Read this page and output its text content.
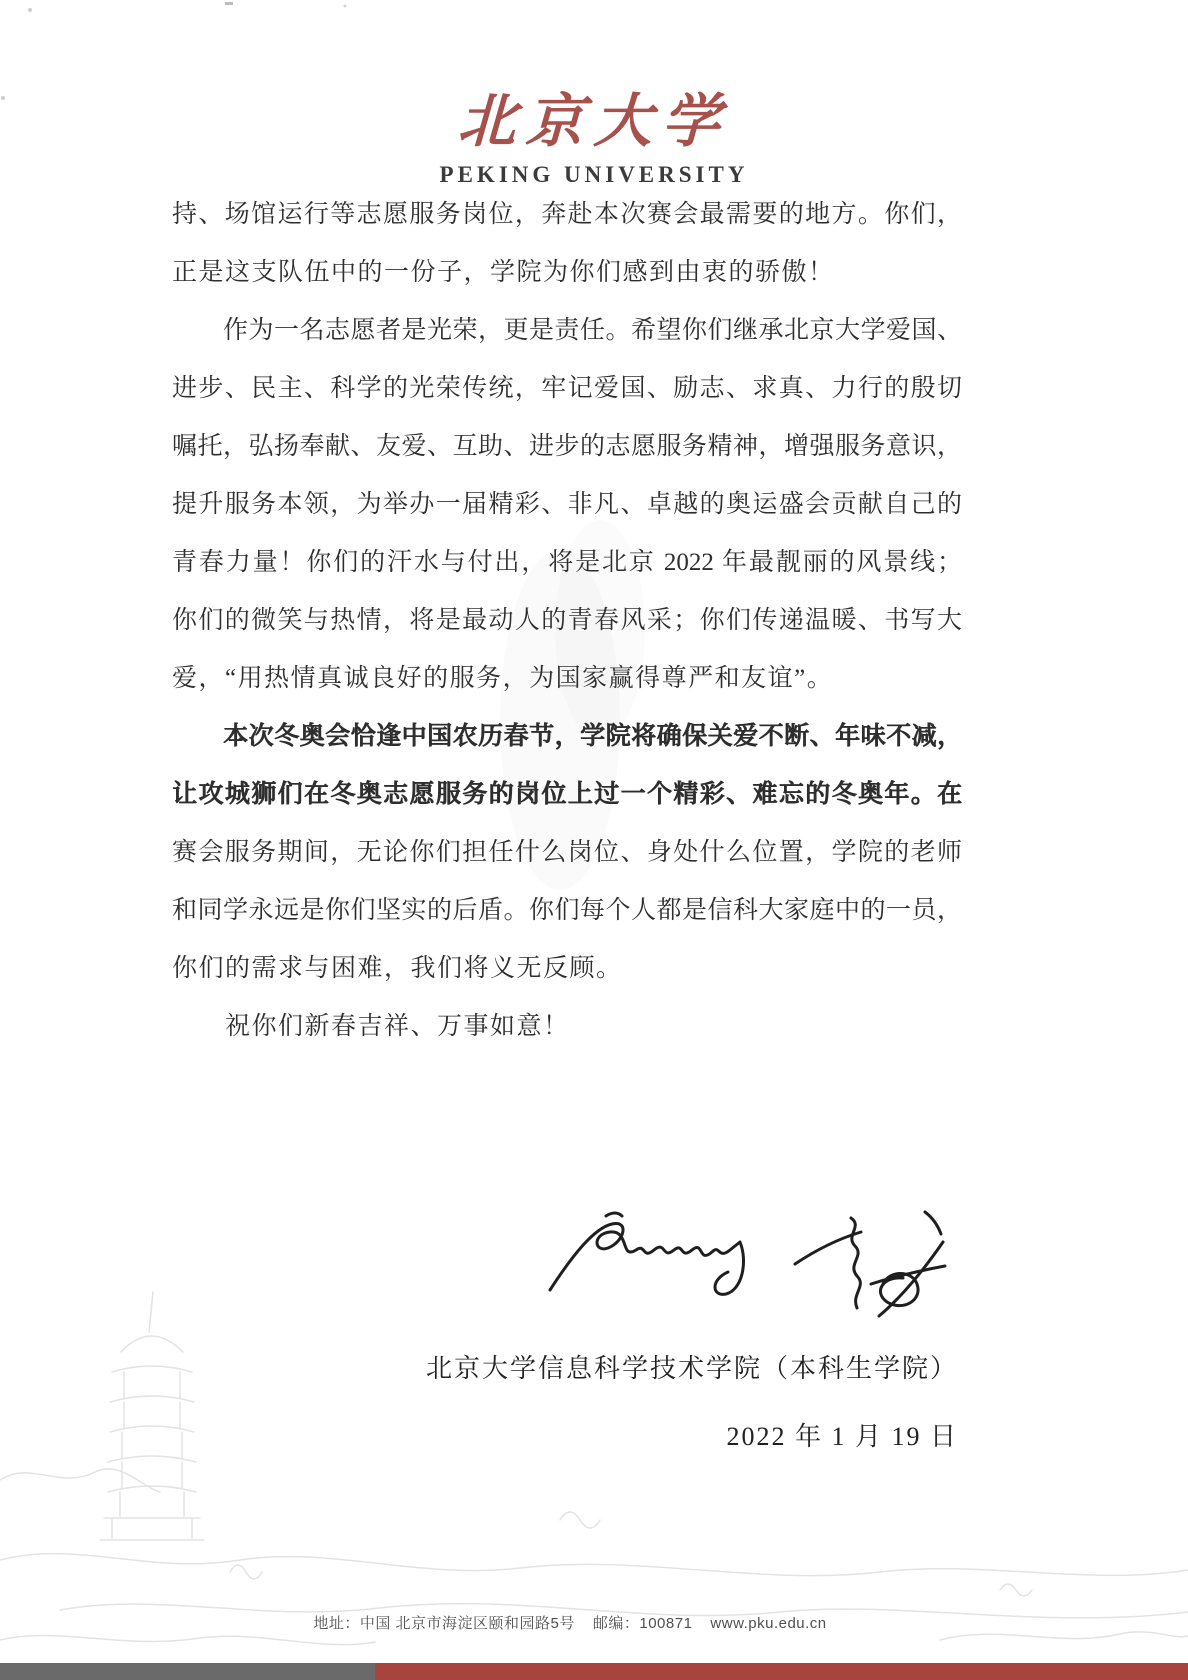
北京大学
PEKING UNIVERSITY
持、场馆运行等志愿服务岗位，奔赴本次赛会最需要的地方。你们，
正是这支队伍中的一份子，学院为你们感到由衷的骄傲！
　　作为一名志愿者是光荣，更是责任。希望你们继承北京大学爱国、
进步、民主、科学的光荣传统，牢记爱国、励志、求真、力行的殷切
嘱托，弘扬奉献、友爱、互助、进步的志愿服务精神，增强服务意识，
提升服务本领，为举办一届精彩、非凡、卓越的奥运盛会贡献自己的
青春力量！你们的汗水与付出，将是北京 2022 年最靓丽的风景线；
你们的微笑与热情，将是最动人的青春风采；你们传递温暖、书写大
爱，“用热情真诚良好的服务，为国家赢得尊严和友谊”。
　　本次冬奥会恰逢中国农历春节，学院将确保关爱不断、年味不减，
让攻城狮们在冬奥志愿服务的岗位上过一个精彩、难忘的冬奥年。在
赛会服务期间，无论你们担任什么岗位、身处什么位置，学院的老师
和同学永远是你们坚实的后盾。你们每个人都是信科大家庭中的一员，
你们的需求与困难，我们将义无反顾。
　　祝你们新春吉祥、万事如意！
北京大学信息科学技术学院（本科生学院）
2022 年 1 月 19 日
地址：中国 北京市海淀区颐和园路5号 邮编：100871 www.pku.edu.cn
